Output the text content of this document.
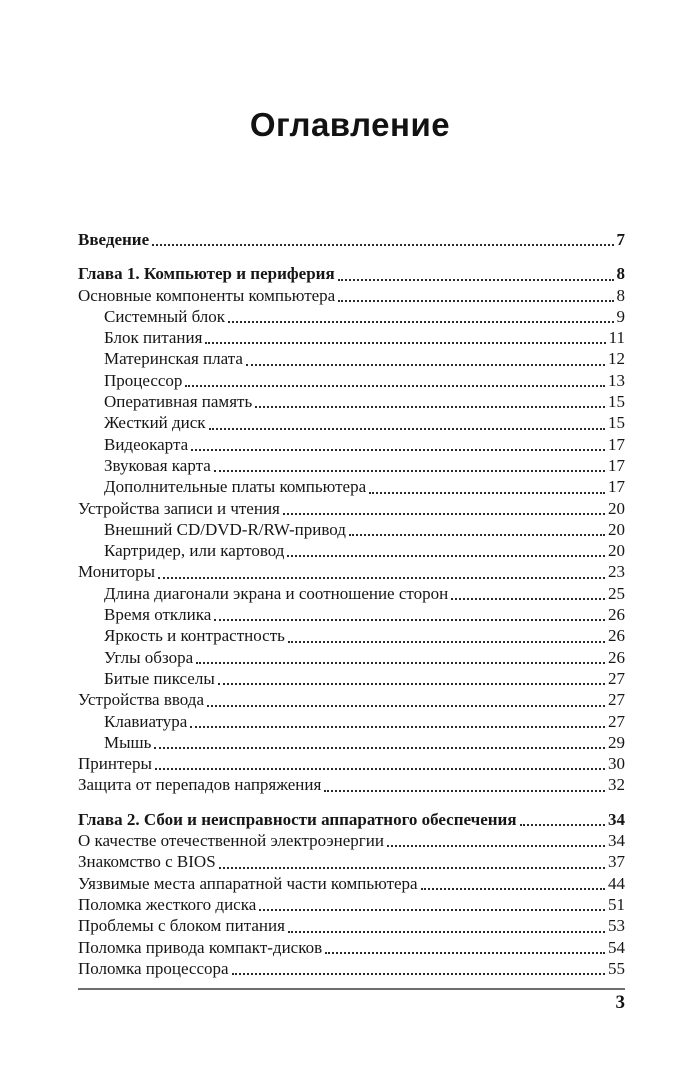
Оглавление
Введение	7
Глава 1. Компьютер и периферия	8
Основные компоненты компьютера	8
Системный блок	9
Блок питания	11
Материнская плата	12
Процессор	13
Оперативная память	15
Жесткий диск	15
Видеокарта	17
Звуковая карта	17
Дополнительные платы компьютера	17
Устройства записи и чтения	20
Внешний CD/DVD-R/RW-привод	20
Картридер, или картовод	20
Мониторы	23
Длина диагонали экрана и соотношение сторон	25
Время отклика	26
Яркость и контрастность	26
Углы обзора	26
Битые пикселы	27
Устройства ввода	27
Клавиатура	27
Мышь	29
Принтеры	30
Защита от перепадов напряжения	32
Глава 2. Сбои и неисправности аппаратного обеспечения	34
О качестве отечественной электроэнергии	34
Знакомство с BIOS	37
Уязвимые места аппаратной части компьютера	44
Поломка жесткого диска	51
Проблемы с блоком питания	53
Поломка привода компакт-дисков	54
Поломка процессора	55
3
